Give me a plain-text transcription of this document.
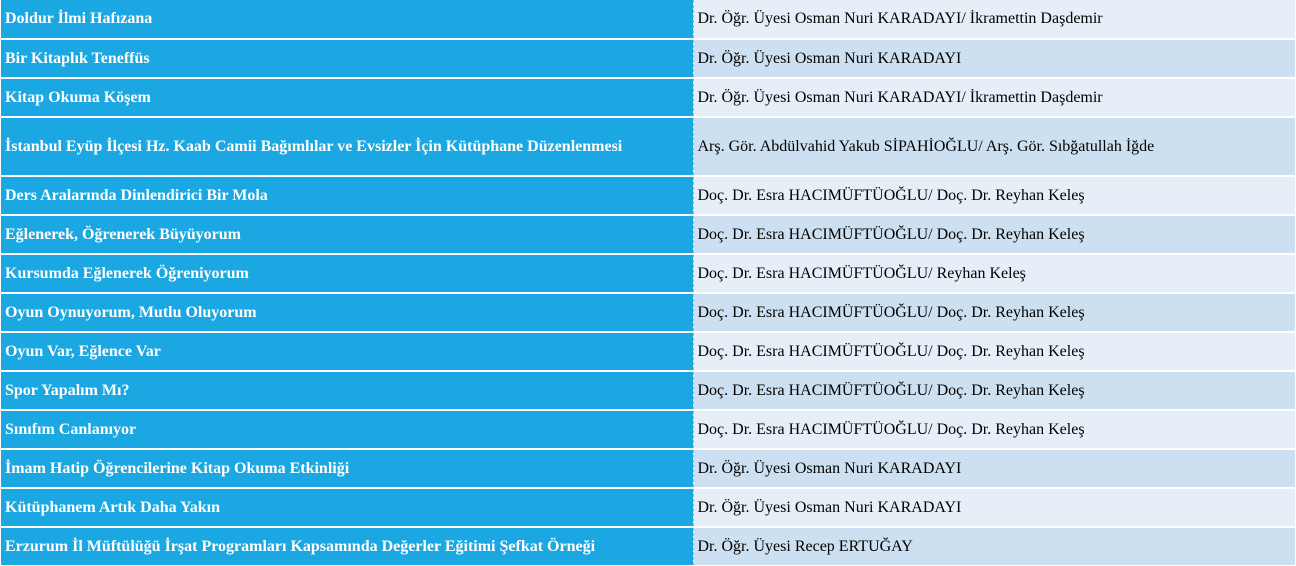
Doldur İlmi Hafızana	Dr. Öğr. Üyesi Osman Nuri KARADAYI/ İkramettin Daşdemir
Bir Kitaplık Teneffüs	Dr. Öğr. Üyesi Osman Nuri KARADAYI
Kitap Okuma Köşem	Dr. Öğr. Üyesi Osman Nuri KARADAYI/ İkramettin Daşdemir
İstanbul Eyüp İlçesi Hz. Kaab Camii Bağımlılar ve Evsizler İçin Kütüphane Düzenlenmesi	Arş. Gör. Abdülvahid Yakub SİPAHİOĞLU/ Arş. Gör. Sıbğatullah İğde
Ders Aralarında Dinlendirici Bir Mola	Doç. Dr. Esra HACIMÜFTÜOĞLU/ Doç. Dr. Reyhan Keleş
Eğlenerek, Öğrenerek Büyüyorum	Doç. Dr. Esra HACIMÜFTÜOĞLU/ Doç. Dr. Reyhan Keleş
Kursumda Eğlenerek Öğreniyorum	Doç. Dr. Esra HACIMÜFTÜOĞLU/ Reyhan Keleş
Oyun Oynuyorum, Mutlu Oluyorum	Doç. Dr. Esra HACIMÜFTÜOĞLU/ Doç. Dr. Reyhan Keleş
Oyun Var, Eğlence Var	Doç. Dr. Esra HACIMÜFTÜOĞLU/ Doç. Dr. Reyhan Keleş
Spor Yapalım Mı?	Doç. Dr. Esra HACIMÜFTÜOĞLU/ Doç. Dr. Reyhan Keleş
Sınıfım Canlanıyor	Doç. Dr. Esra HACIMÜFTÜOĞLU/ Doç. Dr. Reyhan Keleş
İmam Hatip Öğrencilerine Kitap Okuma Etkinliği	Dr. Öğr. Üyesi Osman Nuri KARADAYI
Kütüphanem Artık Daha Yakın	Dr. Öğr. Üyesi Osman Nuri KARADAYI
Erzurum İl Müftülüğü İrşat Programları Kapsamında Değerler Eğitimi Şefkat Örneği	Dr. Öğr. Üyesi Recep ERTUĞAY
